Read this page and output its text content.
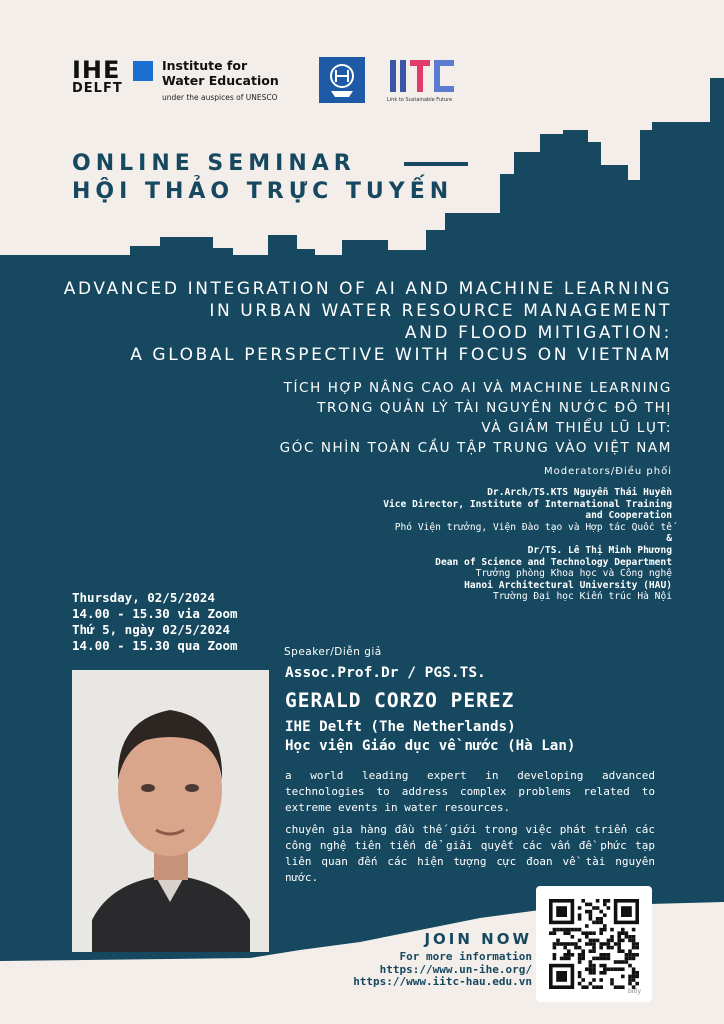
IHE
DELFT
Institute for
Water Education
under the auspices of UNESCO	Link to Sustainable Future
ONLINE SEMINAR
HỘI THẢO TRỰC TUYẾN
ADVANCED INTEGRATION OF AI AND MACHINE LEARNING
IN URBAN WATER RESOURCE MANAGEMENT
AND FLOOD MITIGATION:
A GLOBAL PERSPECTIVE WITH FOCUS ON VIETNAM
TÍCH HỢP NÂNG CAO AI VÀ MACHINE LEARNING
TRONG QUẢN LÝ TÀI NGUYÊN NƯỚC ĐÔ THỊ
VÀ GIẢM THIỂU LŨ LỤT:
GÓC NHÌN TOÀN CẦU TẬP TRUNG VÀO VIỆT NAM
Moderators/Điều phối
Dr.Arch/TS.KTS Nguyễn Thái Huyền
Vice Director, Institute of International Training
and Cooperation
Phó Viện trưởng, Viện Đào tạo và Hợp tác Quốc tế
&
Dr/TS. Lê Thị Minh Phương
Dean of Science and Technology Department
Trưởng phòng Khoa học và Công nghệ
Hanoi Architectural University (HAU)
Trường Đại học Kiến trúc Hà Nội
Thursday, 02/5/2024
14.00 - 15.30 via Zoom
Thứ 5, ngày 02/5/2024
14.00 - 15.30 qua Zoom	Speaker/Diễn giả
Assoc.Prof.Dr / PGS.TS.
GERALD CORZO PEREZ
IHE Delft (The Netherlands)
Học viện Giáo dục về nước (Hà Lan)
a world leading expert in developing advanced technologies to address complex problems related to extreme events in water resources.
chuyên gia hàng đầu thế giới trong việc phát triển các công nghệ tiên tiến để giải quyết các vấn đề phức tạp liên quan đến các hiện tượng cực đoan về tài nguyên nước.
JOIN NOW
For more information
https://www.un-ihe.org/
https://www.iitc-hau.edu.vn
bitly
